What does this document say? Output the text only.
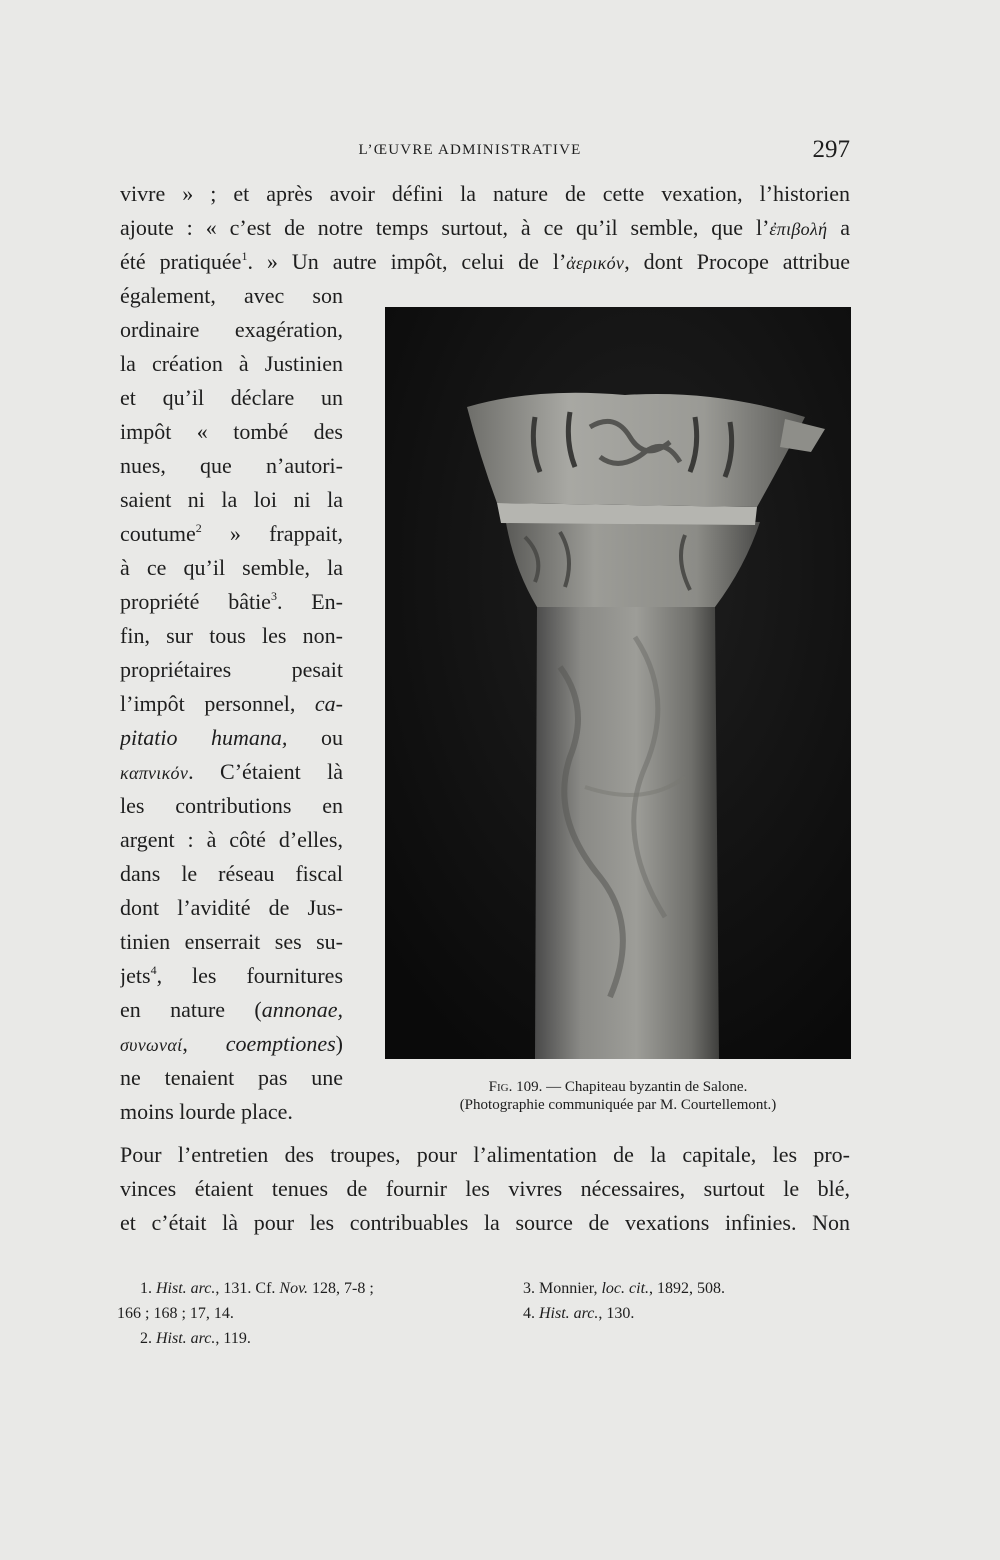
L’ŒUVRE ADMINISTRATIVE	297
vivre » ; et après avoir défini la nature de cette vexation, l’historien
ajoute : « c’est de notre temps surtout, à ce qu’il semble, que l’ἐπιβολή a
été pratiquée$^1$. » Un autre impôt, celui de l’ἀερικόν, dont Procope attribue
également, avec son
ordinaire exagération,
la création à Justinien
et qu’il déclare un
impôt « tombé des
nues, que n’autori-
saient ni la loi ni la
coutume$^2$ » frappait,
à ce qu’il semble, la
propriété bâtie$^3$. En-
fin, sur tous les non-
propriétaires pesait
l’impôt personnel, ca-
pitatio humana, ou
καπνικόν. C’étaient là
les contributions en
argent : à côté d’elles,
dans le réseau fiscal
dont l’avidité de Jus-
tinien enserrait ses su-
jets$^4$, les fournitures
en nature (annonae,
συνωναί, coemptiones)
ne tenaient pas une
moins lourde place.
Pour l’entretien des troupes, pour l’alimentation de la capitale, les pro-
vinces étaient tenues de fournir les vivres nécessaires, surtout le blé,
et c’était là pour les contribuables la source de vexations infinies. Non
Fig. 109. — Chapiteau byzantin de Salone.
(Photographie communiquée par M. Courtellemont.)
1. Hist. arc., 131. Cf. Nov. 128, 7-8 ;
166 ; 168 ; 17, 14.
2. Hist. arc., 119.
3. Monnier, loc. cit., 1892, 508.
4. Hist. arc., 130.
